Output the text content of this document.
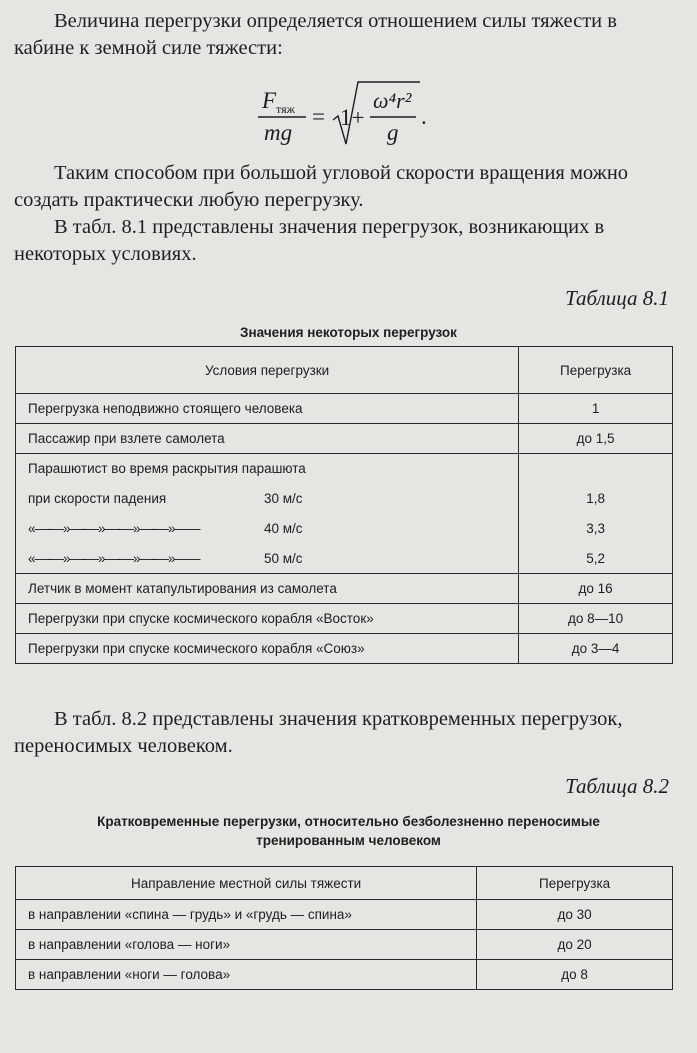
Величина перегрузки определяется отношением силы тяжести в кабине к земной силе тяжести:

F тяж
mg
= 1+
ω⁴r²
g
.

Таким способом при большой угловой скорости вращения можно создать практически любую перегрузку.

В табл. 8.1 представлены значения перегрузок, возникающих в некоторых условиях.

Таблица 8.1
Значения некоторых перегрузок
Условия перегрузки	Перегрузка
Перегрузка неподвижно стоящего человека	1
Пассажир при взлете самолета	до 1,5
Парашютист во время раскрытия парашюта	
при скорости падения 30 м/с	1,8
«—-—»—-—»—-—»—-—»—— 40 м/с	3,3
«—-—»—-—»—-—»—-—»—— 50 м/с	5,2
Летчик в момент катапультирования из самолета	до 16
Перегрузки при спуске космического корабля «Восток»	до 8—10
Перегрузки при спуске космического корабля «Союз»	до 3—4

В табл. 8.2 представлены значения кратковременных перегрузок, переносимых человеком.

Таблица 8.2
Кратковременные перегрузки, относительно безболезненно переносимые
тренированным человеком
Направление местной силы тяжести	Перегрузка
в направлении «спина — грудь» и «грудь — спина»	до 30
в направлении «голова — ноги»	до 20
в направлении «ноги — голова»	до 8
